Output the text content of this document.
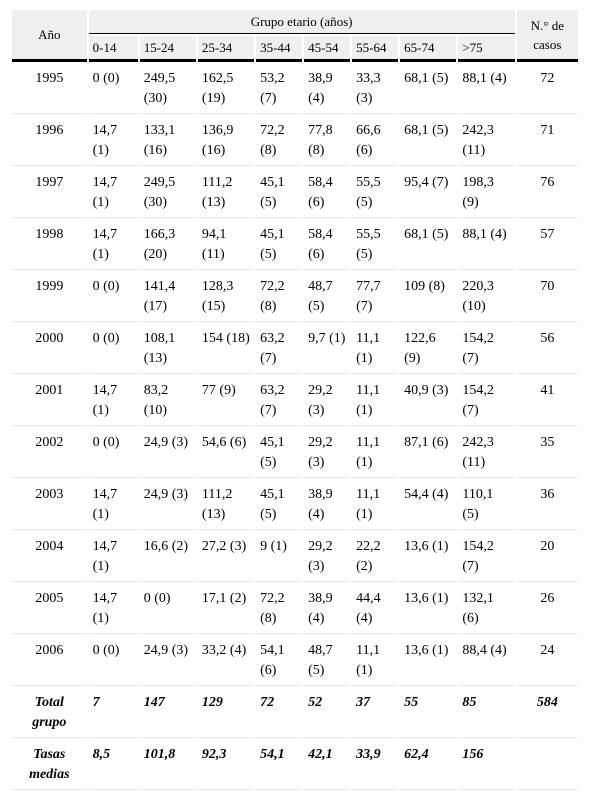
Año	Grupo etario (años)								N.° de casos
	0-14	15-24	25-34	35-44	45-54	55-64	65-74	>75	
1995	0 (0)	249,5 (30)	162,5 (19)	53,2 (7)	38,9 (4)	33,3 (3)	68,1 (5)	88,1 (4)	72
1996	14,7 (1)	133,1 (16)	136,9 (16)	72,2 (8)	77,8 (8)	66,6 (6)	68,1 (5)	242,3 (11)	71
1997	14,7 (1)	249,5 (30)	111,2 (13)	45,1 (5)	58,4 (6)	55,5 (5)	95,4 (7)	198,3 (9)	76
1998	14,7 (1)	166,3 (20)	94,1 (11)	45,1 (5)	58,4 (6)	55,5 (5)	68,1 (5)	88,1 (4)	57
1999	0 (0)	141,4 (17)	128,3 (15)	72,2 (8)	48,7 (5)	77,7 (7)	109 (8)	220,3 (10)	70
2000	0 (0)	108,1 (13)	154 (18)	63,2 (7)	9,7 (1)	11,1 (1)	122,6 (9)	154,2 (7)	56
2001	14,7 (1)	83,2 (10)	77 (9)	63,2 (7)	29,2 (3)	11,1 (1)	40,9 (3)	154,2 (7)	41
2002	0 (0)	24,9 (3)	54,6 (6)	45,1 (5)	29,2 (3)	11,1 (1)	87,1 (6)	242,3 (11)	35
2003	14,7 (1)	24,9 (3)	111,2 (13)	45,1 (5)	38,9 (4)	11,1 (1)	54,4 (4)	110,1 (5)	36
2004	14,7 (1)	16,6 (2)	27,2 (3)	9 (1)	29,2 (3)	22,2 (2)	13,6 (1)	154,2 (7)	20
2005	14,7 (1)	0 (0)	17,1 (2)	72,2 (8)	38,9 (4)	44,4 (4)	13,6 (1)	132,1 (6)	26
2006	0 (0)	24,9 (3)	33,2 (4)	54,1 (6)	48,7 (5)	11,1 (1)	13,6 (1)	88,4 (4)	24
Total grupo	7	147	129	72	52	37	55	85	584
Tasas medias	8,5	101,8	92,3	54,1	42,1	33,9	62,4	156	
